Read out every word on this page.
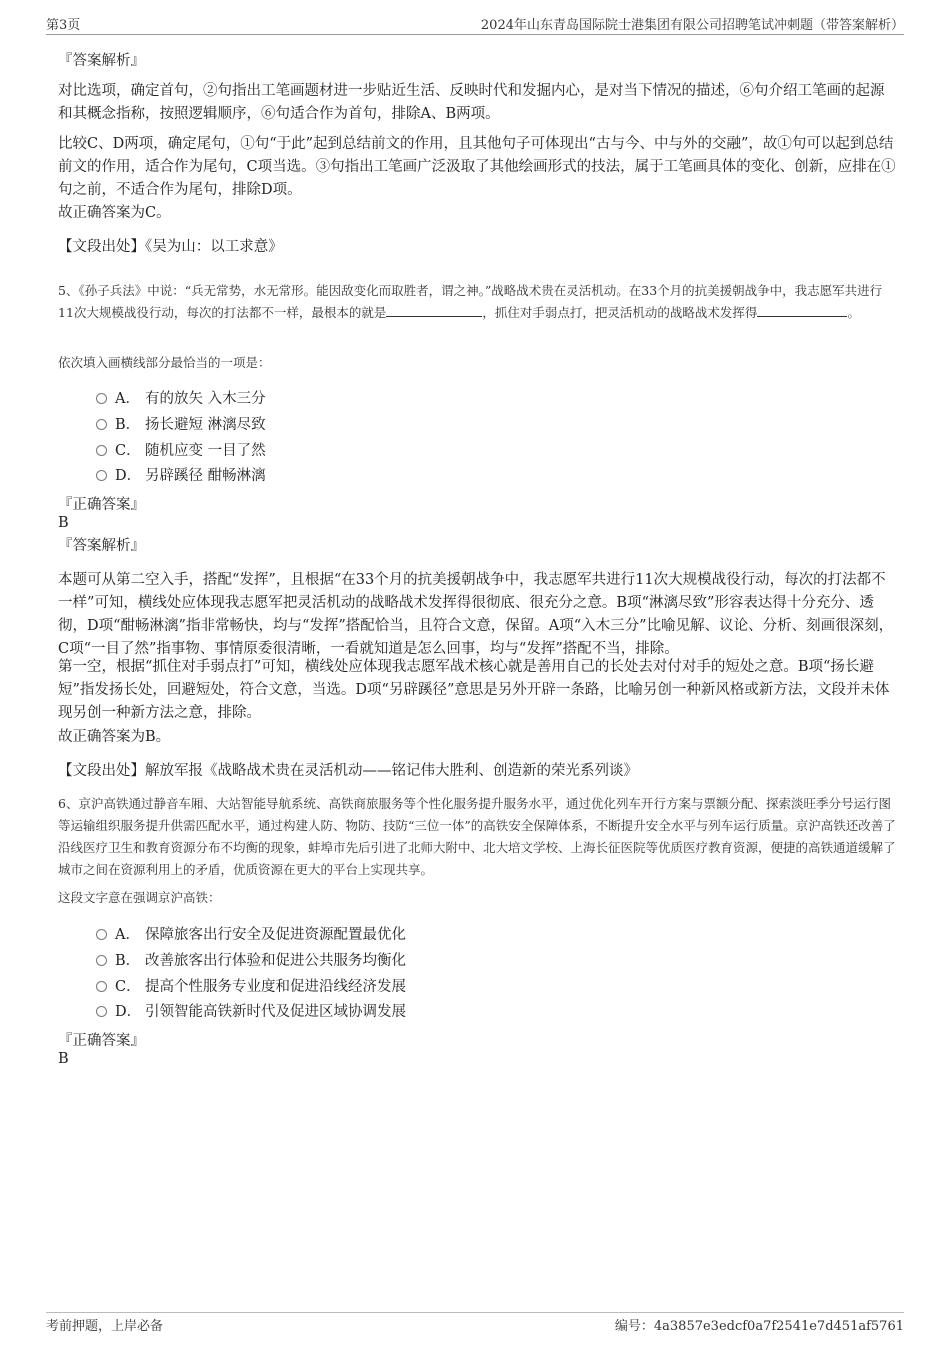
第3页	2024年山东青岛国际院士港集团有限公司招聘笔试冲刺题（带答案解析）
『答案解析』
对比选项，确定首句，②句指出工笔画题材进一步贴近生活、反映时代和发掘内心，是对当下情况的描述，⑥句介绍工笔画的起源和其概念指称，按照逻辑顺序，⑥句适合作为首句，排除A、B两项。
比较C、D两项，确定尾句，①句“于此”起到总结前文的作用，且其他句子可体现出“古与今、中与外的交融”，故①句可以起到总结前文的作用，适合作为尾句，C项当选。③句指出工笔画广泛汲取了其他绘画形式的技法，属于工笔画具体的变化、创新，应排在①句之前，不适合作为尾句，排除D项。
故正确答案为C。
【文段出处】《吴为山：以工求意》
5、《孙子兵法》中说：“兵无常势，水无常形。能因敌变化而取胜者，谓之神。”战略战术贵在灵活机动。在33个月的抗美援朝战争中，我志愿军共进行11次大规模战役行动，每次的打法都不一样，最根本的就是	，抓住对手弱点打，把灵活机动的战略战术发挥得	。
依次填入画横线部分最恰当的一项是：
A． 有的放矢 入木三分
B． 扬长避短 淋漓尽致
C． 随机应变 一目了然
D． 另辟蹊径 酣畅淋漓
『正确答案』
B
『答案解析』
本题可从第二空入手，搭配“发挥”，且根据“在33个月的抗美援朝战争中，我志愿军共进行11次大规模战役行动，每次的打法都不一样”可知，横线处应体现我志愿军把灵活机动的战略战术发挥得很彻底、很充分之意。B项“淋漓尽致”形容表达得十分充分、透彻，D项“酣畅淋漓”指非常畅快，均与“发挥”搭配恰当，且符合文意，保留。A项“入木三分”比喻见解、议论、分析、刻画很深刻，C项“一目了然”指事物、事情原委很清晰，一看就知道是怎么回事，均与“发挥”搭配不当，排除。
第一空，根据“抓住对手弱点打”可知，横线处应体现我志愿军战术核心就是善用自己的长处去对付对手的短处之意。B项“扬长避短”指发扬长处，回避短处，符合文意，当选。D项“另辟蹊径”意思是另外开辟一条路，比喻另创一种新风格或新方法，文段并未体现另创一种新方法之意，排除。
故正确答案为B。
【文段出处】解放军报《战略战术贵在灵活机动——铭记伟大胜利、创造新的荣光系列谈》
6、京沪高铁通过静音车厢、大站智能导航系统、高铁商旅服务等个性化服务提升服务水平，通过优化列车开行方案与票额分配、探索淡旺季分号运行图等运输组织服务提升供需匹配水平，通过构建人防、物防、技防“三位一体”的高铁安全保障体系，不断提升安全水平与列车运行质量。京沪高铁还改善了沿线医疗卫生和教育资源分布不均衡的现象，蚌埠市先后引进了北师大附中、北大培文学校、上海长征医院等优质医疗教育资源，便捷的高铁通道缓解了城市之间在资源利用上的矛盾，优质资源在更大的平台上实现共享。
这段文字意在强调京沪高铁：
A． 保障旅客出行安全及促进资源配置最优化
B． 改善旅客出行体验和促进公共服务均衡化
C． 提高个性服务专业度和促进沿线经济发展
D． 引领智能高铁新时代及促进区域协调发展
『正确答案』
B
考前押题，上岸必备	编号：4a3857e3edcf0a7f2541e7d451af5761
